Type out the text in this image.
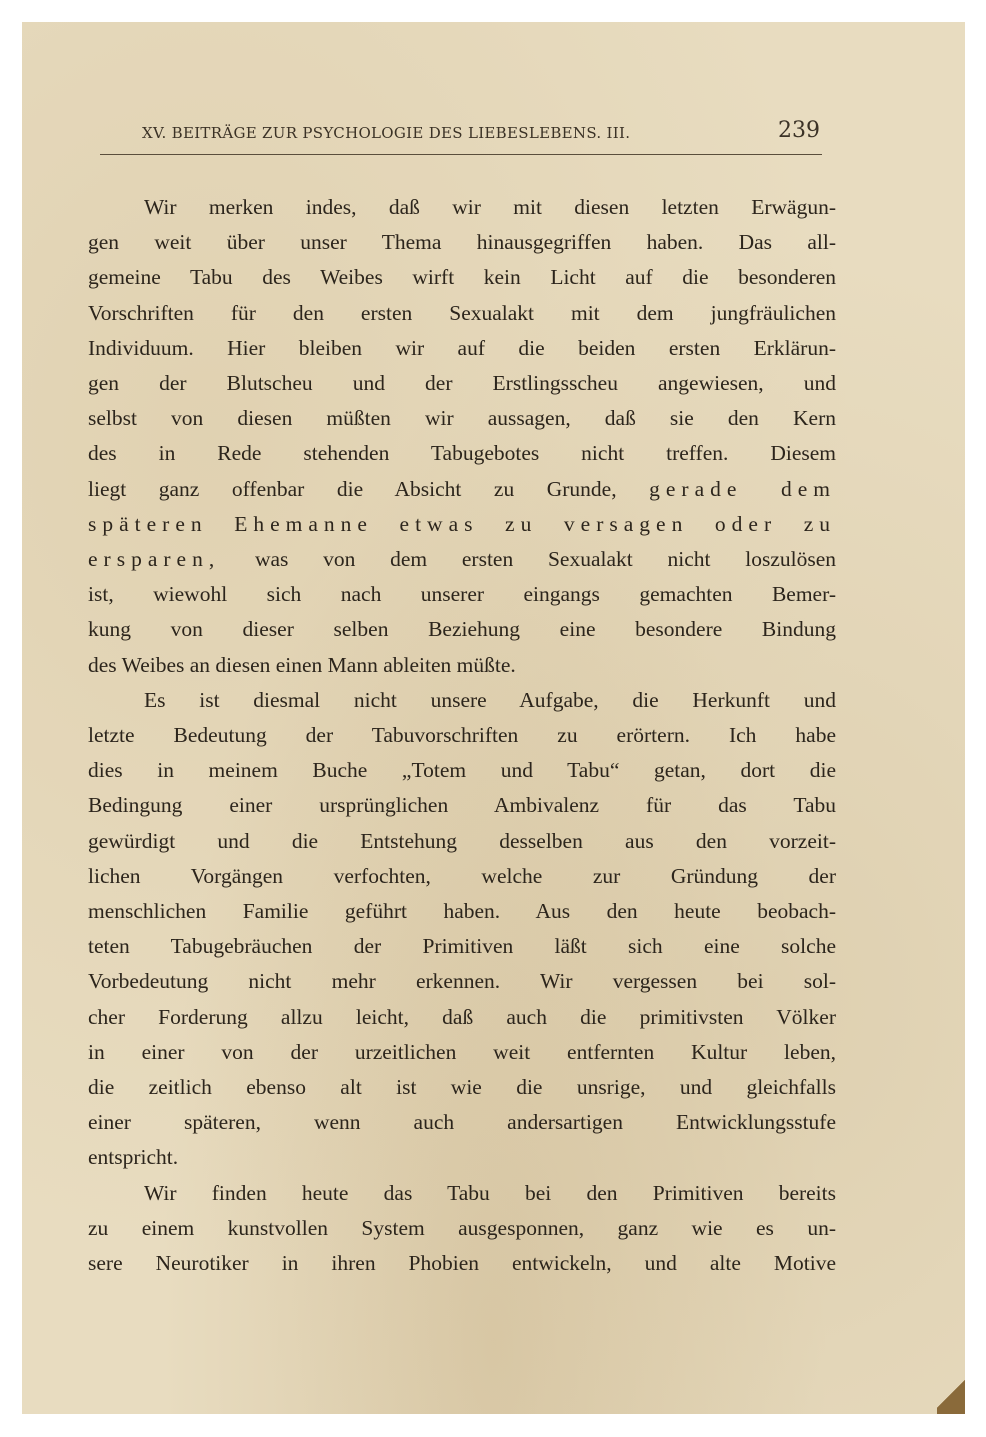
XV. BEITRÄGE ZUR PSYCHOLOGIE DES LIEBESLEBENS. III.	239
Wir merken indes, daß wir mit diesen letzten Erwägun-
gen weit über unser Thema hinausgegriffen haben. Das all-
gemeine Tabu des Weibes wirft kein Licht auf die besonderen
Vorschriften für den ersten Sexualakt mit dem jungfräulichen
Individuum. Hier bleiben wir auf die beiden ersten Erklärun-
gen der Blutscheu und der Erstlingsscheu angewiesen, und
selbst von diesen müßten wir aussagen, daß sie den Kern
des in Rede stehenden Tabugebotes nicht treffen. Diesem
liegt ganz offenbar die Absicht zu Grunde, gerade dem
späteren Ehemanne etwas zu versagen oder zu
ersparen, was von dem ersten Sexualakt nicht loszulösen
ist, wiewohl sich nach unserer eingangs gemachten Bemer-
kung von dieser selben Beziehung eine besondere Bindung
des Weibes an diesen einen Mann ableiten müßte.
Es ist diesmal nicht unsere Aufgabe, die Herkunft und
letzte Bedeutung der Tabuvorschriften zu erörtern. Ich habe
dies in meinem Buche „Totem und Tabu“ getan, dort die
Bedingung einer ursprünglichen Ambivalenz für das Tabu
gewürdigt und die Entstehung desselben aus den vorzeit-
lichen Vorgängen verfochten, welche zur Gründung der
menschlichen Familie geführt haben. Aus den heute beobach-
teten Tabugebräuchen der Primitiven läßt sich eine solche
Vorbedeutung nicht mehr erkennen. Wir vergessen bei sol-
cher Forderung allzu leicht, daß auch die primitivsten Völker
in einer von der urzeitlichen weit entfernten Kultur leben,
die zeitlich ebenso alt ist wie die unsrige, und gleichfalls
einer späteren, wenn auch andersartigen Entwicklungsstufe
entspricht.
Wir finden heute das Tabu bei den Primitiven bereits
zu einem kunstvollen System ausgesponnen, ganz wie es un-
sere Neurotiker in ihren Phobien entwickeln, und alte Motive
